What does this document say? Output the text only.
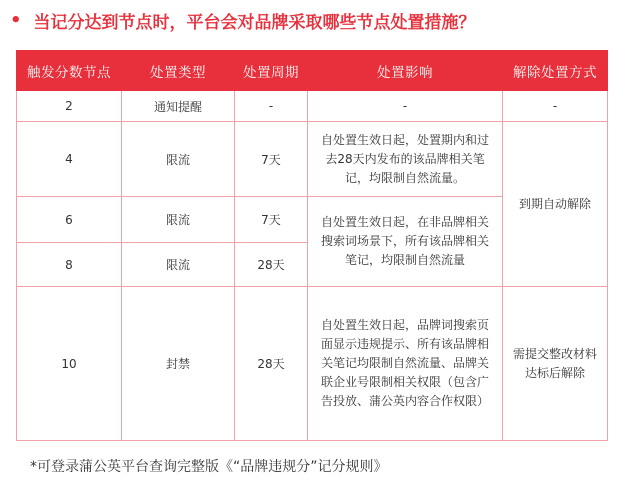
• 当记分达到节点时，平台会对品牌采取哪些节点处置措施？
触发分数节点	处置类型	处置周期	处置影响	解除处置方式
2	通知提醒	-	-	-
4	限流	7天	自处置生效日起，处置期内和过去28天内发布的该品牌相关笔记，均限制自然流量。	到期自动解除
6	限流	7天	自处置生效日起，在非品牌相关搜索词场景下，所有该品牌相关笔记，均限制自然流量	
8	限流	28天		
10	封禁	28天	自处置生效日起，品牌词搜索页面显示违规提示、所有该品牌相关笔记均限制自然流量、品牌关联企业号限制相关权限（包含广告投放、蒲公英内容合作权限）	需提交整改材料达标后解除
*可登录蒲公英平台查询完整版《“品牌违规分”记分规则》
